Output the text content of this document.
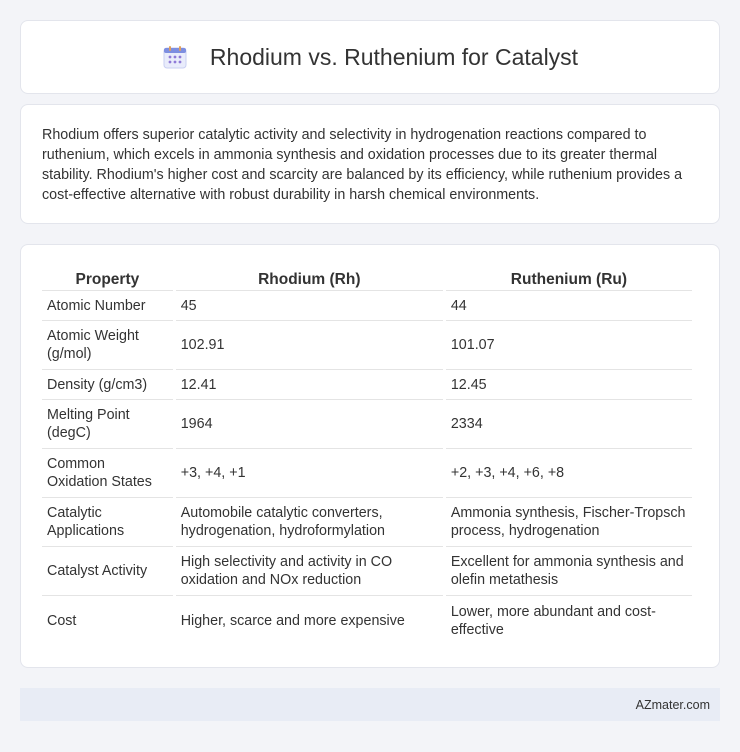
Rhodium vs. Ruthenium for Catalyst

Rhodium offers superior catalytic activity and selectivity in hydrogenation reactions compared to ruthenium, which excels in ammonia synthesis and oxidation processes due to its greater thermal stability. Rhodium's higher cost and scarcity are balanced by its efficiency, while ruthenium provides a cost-effective alternative with robust durability in harsh chemical environments.

Property	Rhodium (Rh)	Ruthenium (Ru)
Atomic Number	45	44
Atomic Weight (g/mol)	102.91	101.07
Density (g/cm3)	12.41	12.45
Melting Point (degC)	1964	2334
Common Oxidation States	+3, +4, +1	+2, +3, +4, +6, +8
Catalytic Applications	Automobile catalytic converters, hydrogenation, hydroformylation	Ammonia synthesis, Fischer-Tropsch process, hydrogenation
Catalyst Activity	High selectivity and activity in CO oxidation and NOx reduction	Excellent for ammonia synthesis and olefin metathesis
Cost	Higher, scarce and more expensive	Lower, more abundant and cost-effective
AZmater.com
